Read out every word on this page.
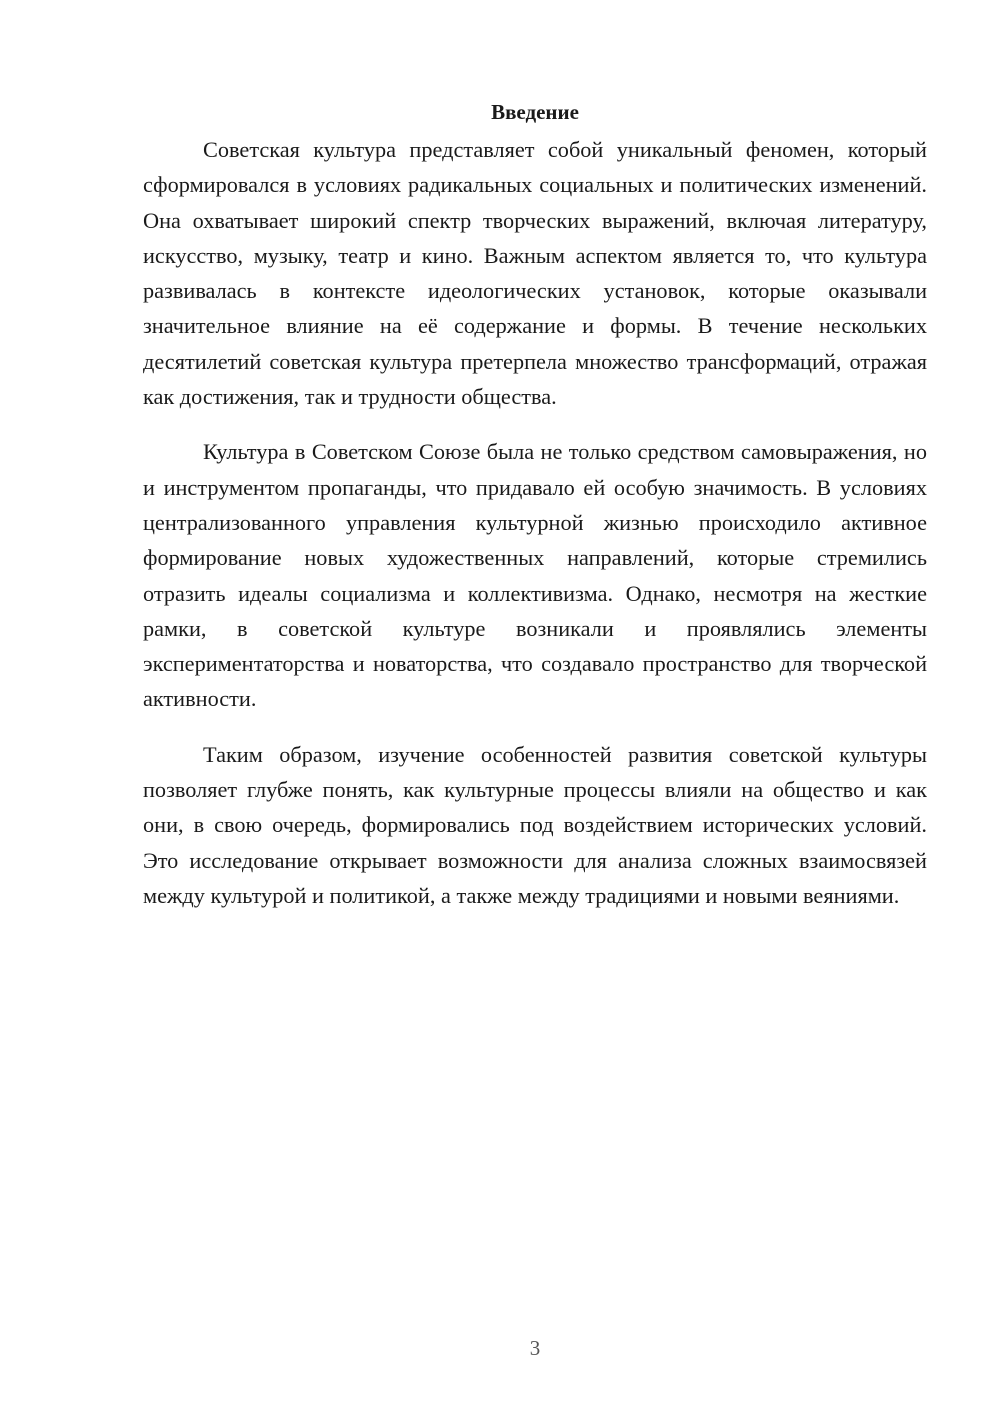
Введение

Советская культура представляет собой уникальный феномен, который сформировался в условиях радикальных социальных и политических изменений. Она охватывает широкий спектр творческих выражений, включая литературу, искусство, музыку, театр и кино. Важным аспектом является то, что культура развивалась в контексте идеологических установок, которые оказывали значительное влияние на её содержание и формы. В течение нескольких десятилетий советская культура претерпела множество трансформаций, отражая как достижения, так и трудности общества.

Культура в Советском Союзе была не только средством самовыражения, но и инструментом пропаганды, что придавало ей особую значимость. В условиях централизованного управления культурной жизнью происходило активное формирование новых художественных направлений, которые стремились отразить идеалы социализма и коллективизма. Однако, несмотря на жесткие рамки, в советской культуре возникали и проявлялись элементы экспериментаторства и новаторства, что создавало пространство для творческой активности.

Таким образом, изучение особенностей развития советской культуры позволяет глубже понять, как культурные процессы влияли на общество и как они, в свою очередь, формировались под воздействием исторических условий. Это исследование открывает возможности для анализа сложных взаимосвязей между культурой и политикой, а также между традициями и новыми веяниями.

3
